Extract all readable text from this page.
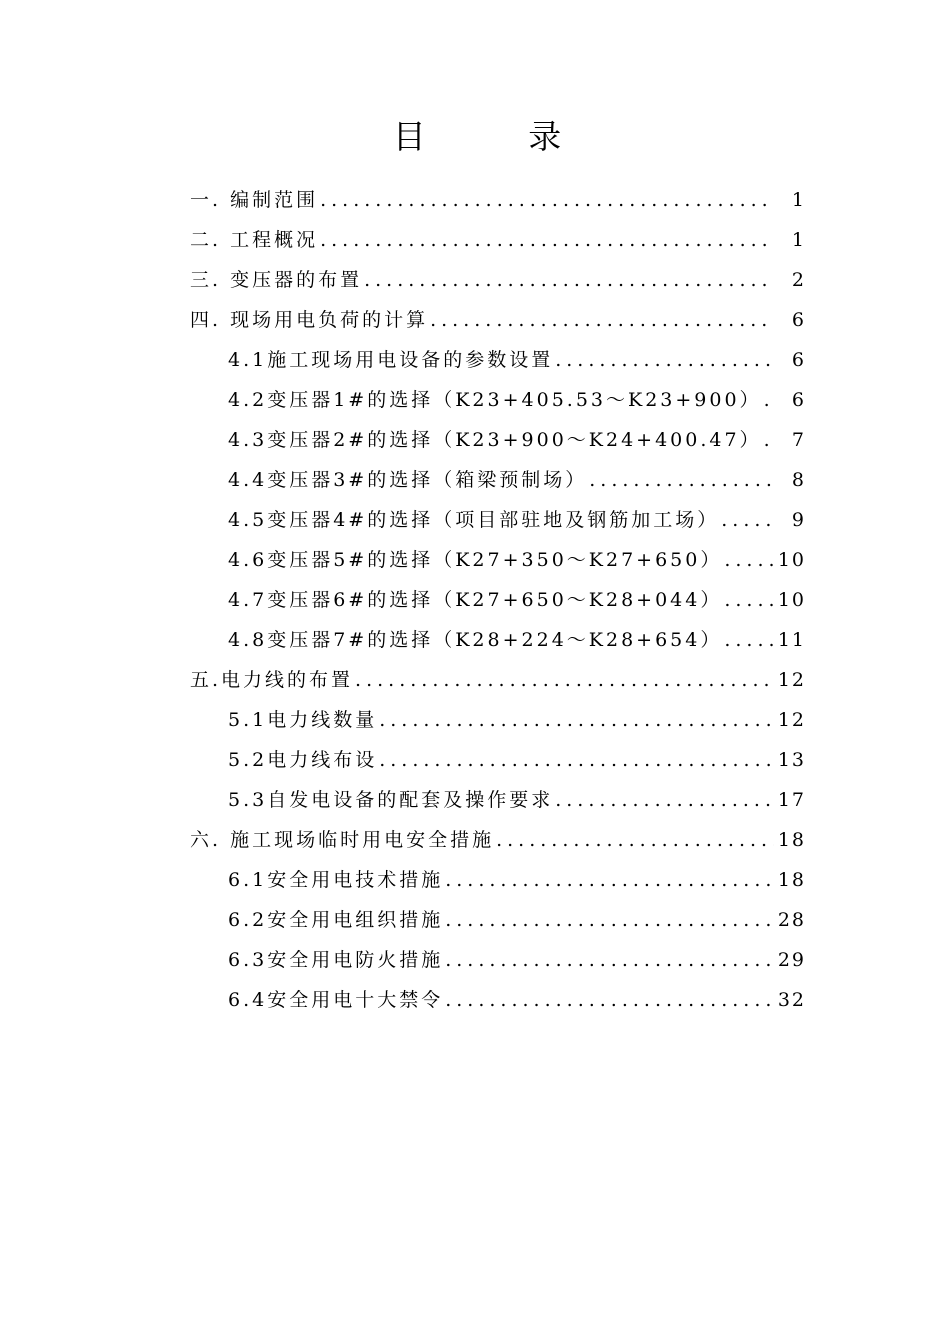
目 录
一. 编制范围 .....	1
二. 工程概况 .....	1
三. 变压器的布置 .....	2
四. 现场用电负荷的计算 .....	6
4.1施工现场用电设备的参数设置 .....	6
4.2变压器1#的选择（K23+405.53～K23+900） .....	6
4.3变压器2#的选择（K23+900～K24+400.47） .....	7
4.4变压器3#的选择（箱梁预制场） .....	8
4.5变压器4#的选择（项目部驻地及钢筋加工场） .....	9
4.6变压器5#的选择（K27+350～K27+650） .....	10
4.7变压器6#的选择（K27+650～K28+044） .....	10
4.8变压器7#的选择（K28+224～K28+654） .....	11
五.电力线的布置 .....	12
5.1电力线数量 .....	12
5.2电力线布设 .....	13
5.3自发电设备的配套及操作要求 .....	17
六. 施工现场临时用电安全措施 .....	18
6.1安全用电技术措施 .....	18
6.2安全用电组织措施 .....	28
6.3安全用电防火措施 .....	29
6.4安全用电十大禁令 .....	32
